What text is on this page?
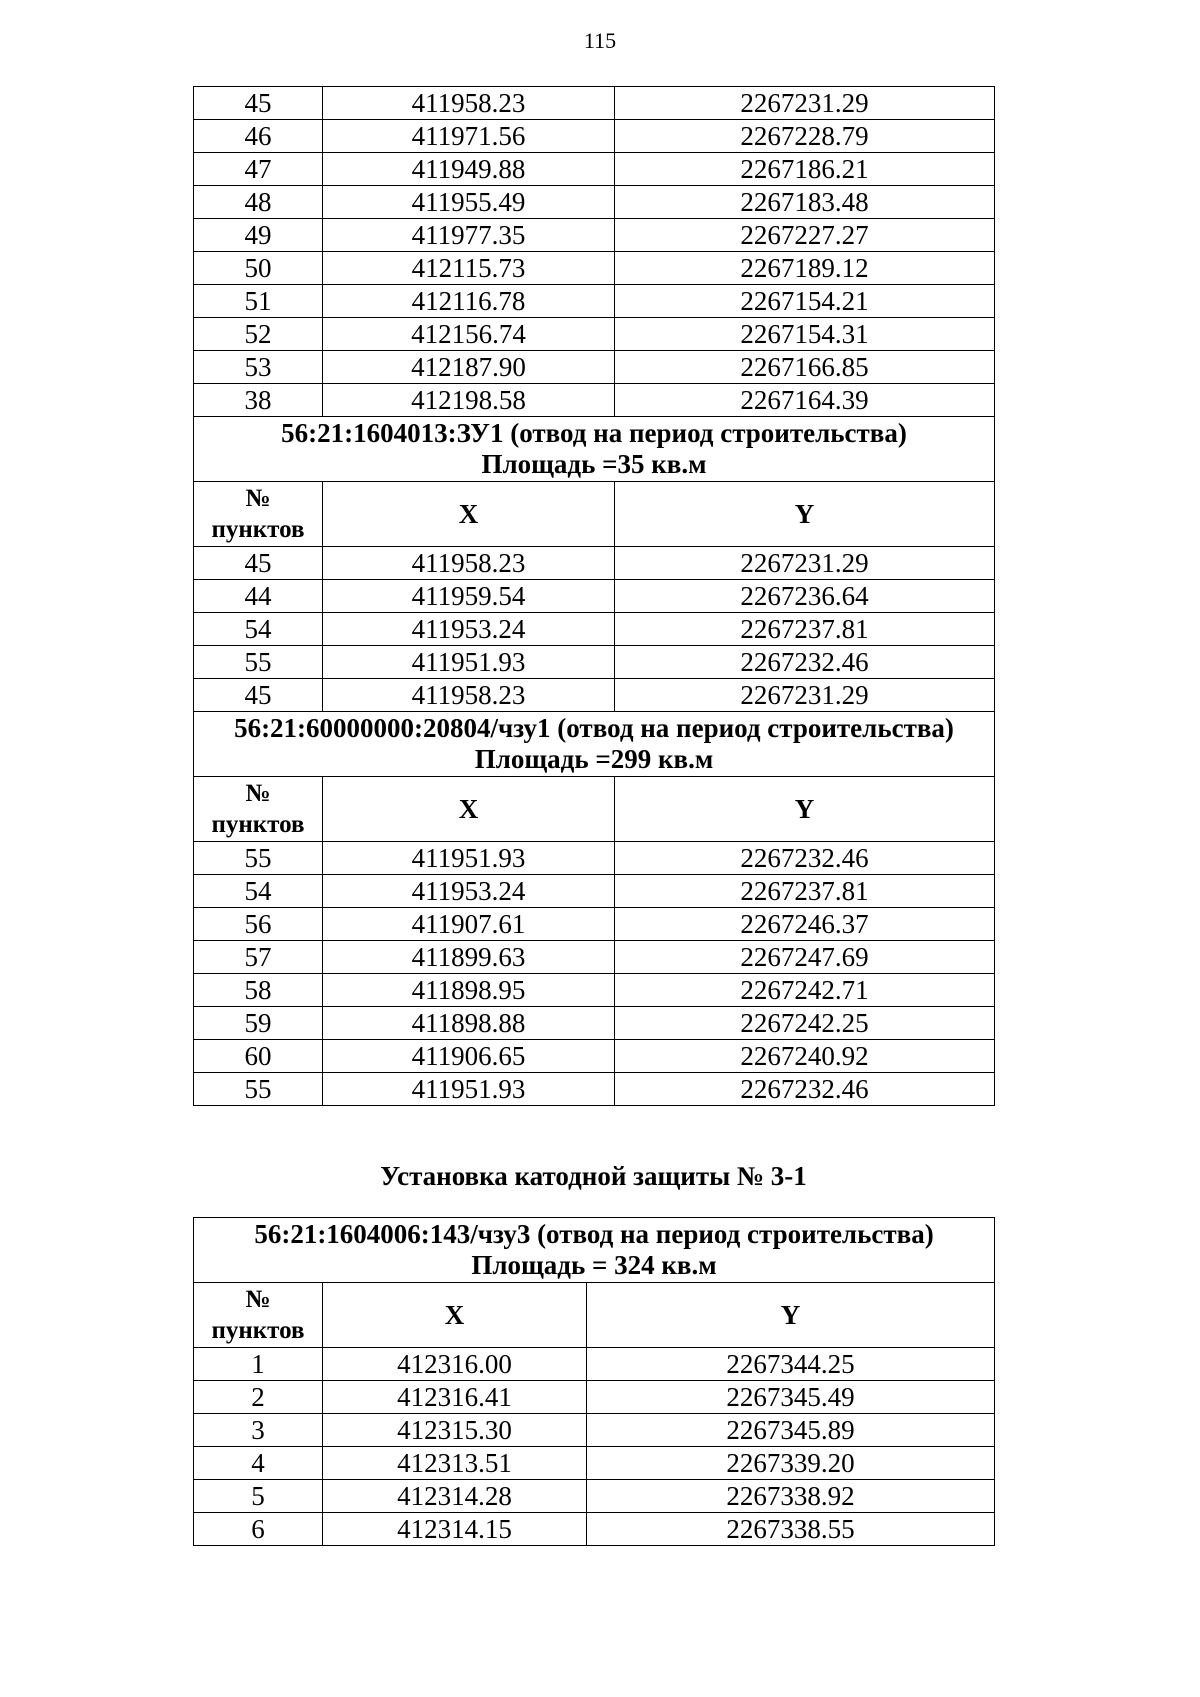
115
45	411958.23	2267231.29
46	411971.56	2267228.79
47	411949.88	2267186.21
48	411955.49	2267183.48
49	411977.35	2267227.27
50	412115.73	2267189.12
51	412116.78	2267154.21
52	412156.74	2267154.31
53	412187.90	2267166.85
38	412198.58	2267164.39

56:21:1604013:ЗУ1 (отвод на период строительства)
Площадь =35 кв.м		

№
пунктов	X	Y
45	411958.23	2267231.29
44	411959.54	2267236.64
54	411953.24	2267237.81
55	411951.93	2267232.46
45	411958.23	2267231.29

56:21:60000000:20804/чзу1 (отвод на период строительства)
Площадь =299 кв.м		

№
пунктов	X	Y
55	411951.93	2267232.46
54	411953.24	2267237.81
56	411907.61	2267246.37
57	411899.63	2267247.69
58	411898.95	2267242.71
59	411898.88	2267242.25
60	411906.65	2267240.92
55	411951.93	2267232.46
Установка катодной защиты № 3-1
56:21:1604006:143/чзу3 (отвод на период строительства)
Площадь = 324 кв.м		

№
пунктов	X	Y
1	412316.00	2267344.25
2	412316.41	2267345.49
3	412315.30	2267345.89
4	412313.51	2267339.20
5	412314.28	2267338.92
6	412314.15	2267338.55
